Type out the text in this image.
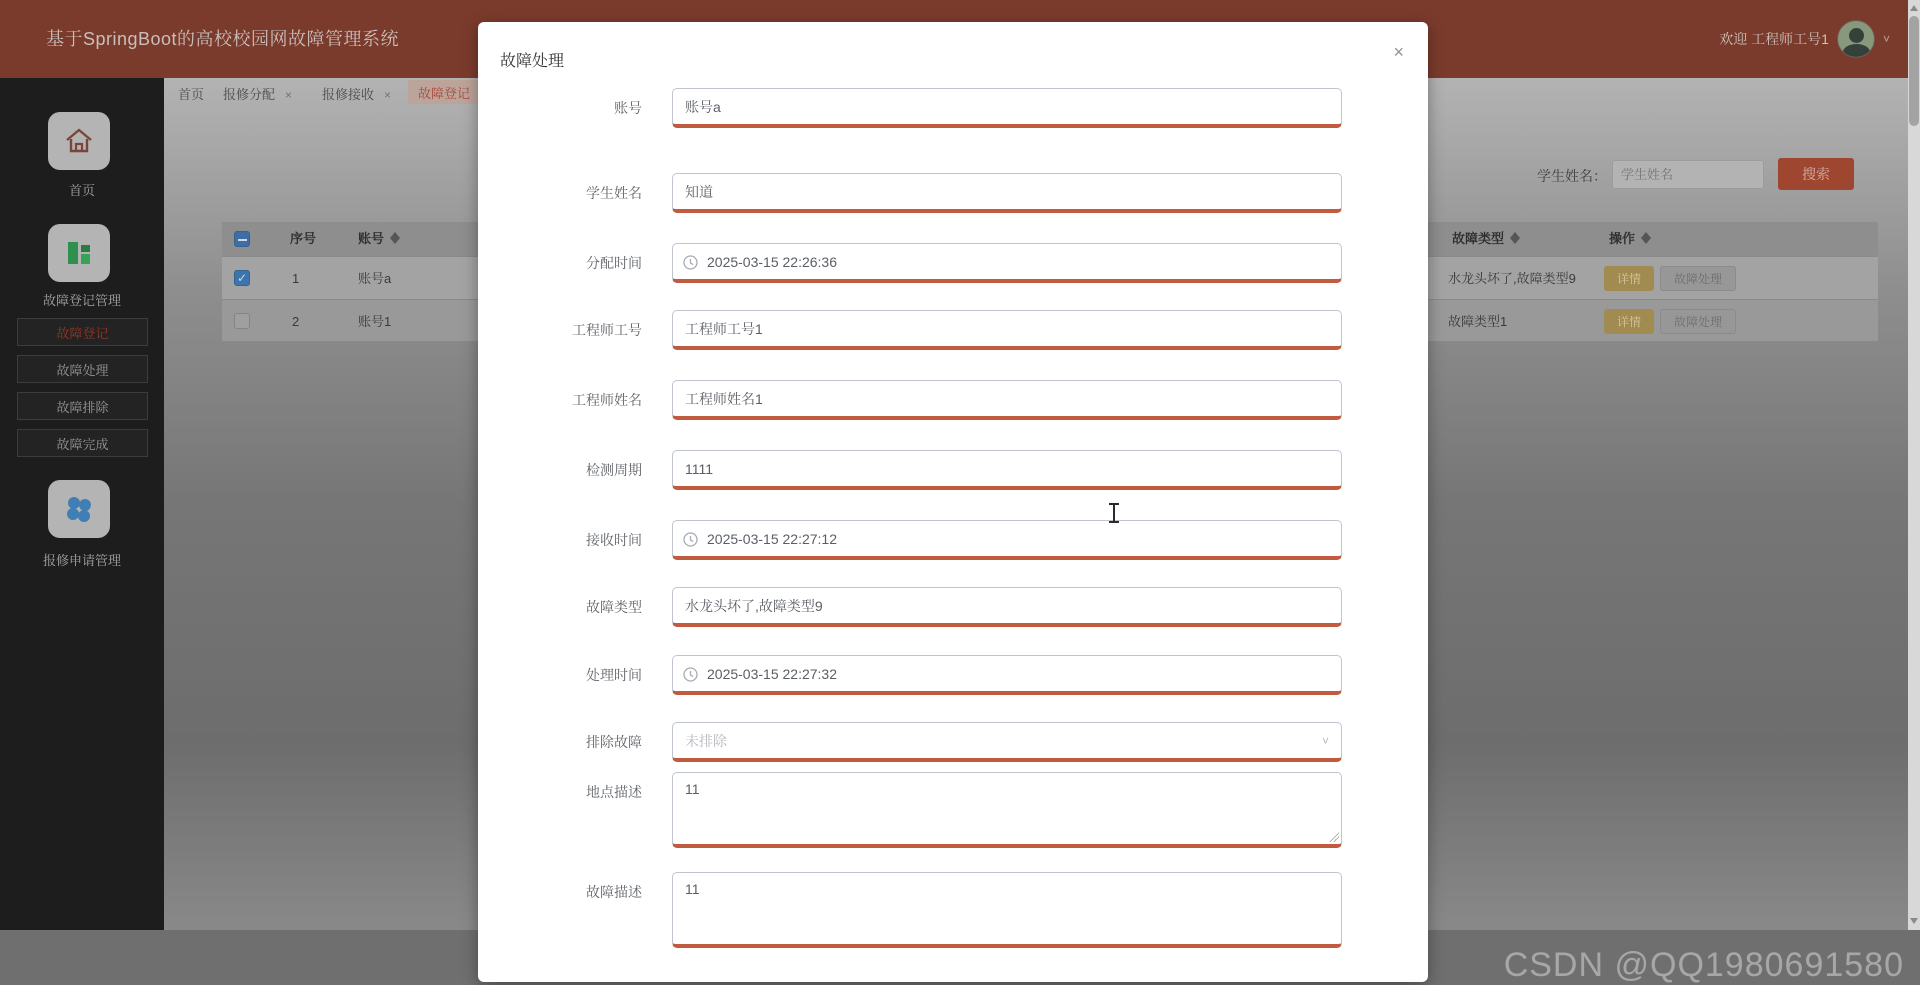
基于SpringBoot的高校校园网故障管理系统	欢迎 工程师工号1	˅
首页
故障登记管理
故障登记
故障处理
故障排除
故障完成
报修申请管理
首页 报修分配 × 报修接收 ×	故障登记
学生姓名：
学生姓名	搜索
序号	账号	故障类型	操作
✓
1	账号a	水龙头坏了,故障类型9	详情	故障处理
2	账号1	故障类型1	详情	故障处理
CSDN @QQ1980691580
故障处理	×
账号
账号a
学生姓名
知道
分配时间
2025-03-15 22:26:36
工程师工号
工程师工号1
工程师姓名
工程师姓名1
检测周期
1111
接收时间
2025-03-15 22:27:12
故障类型
水龙头坏了,故障类型9
处理时间
2025-03-15 22:27:32
排除故障	未排除	˅
地点描述
11
故障描述
11
